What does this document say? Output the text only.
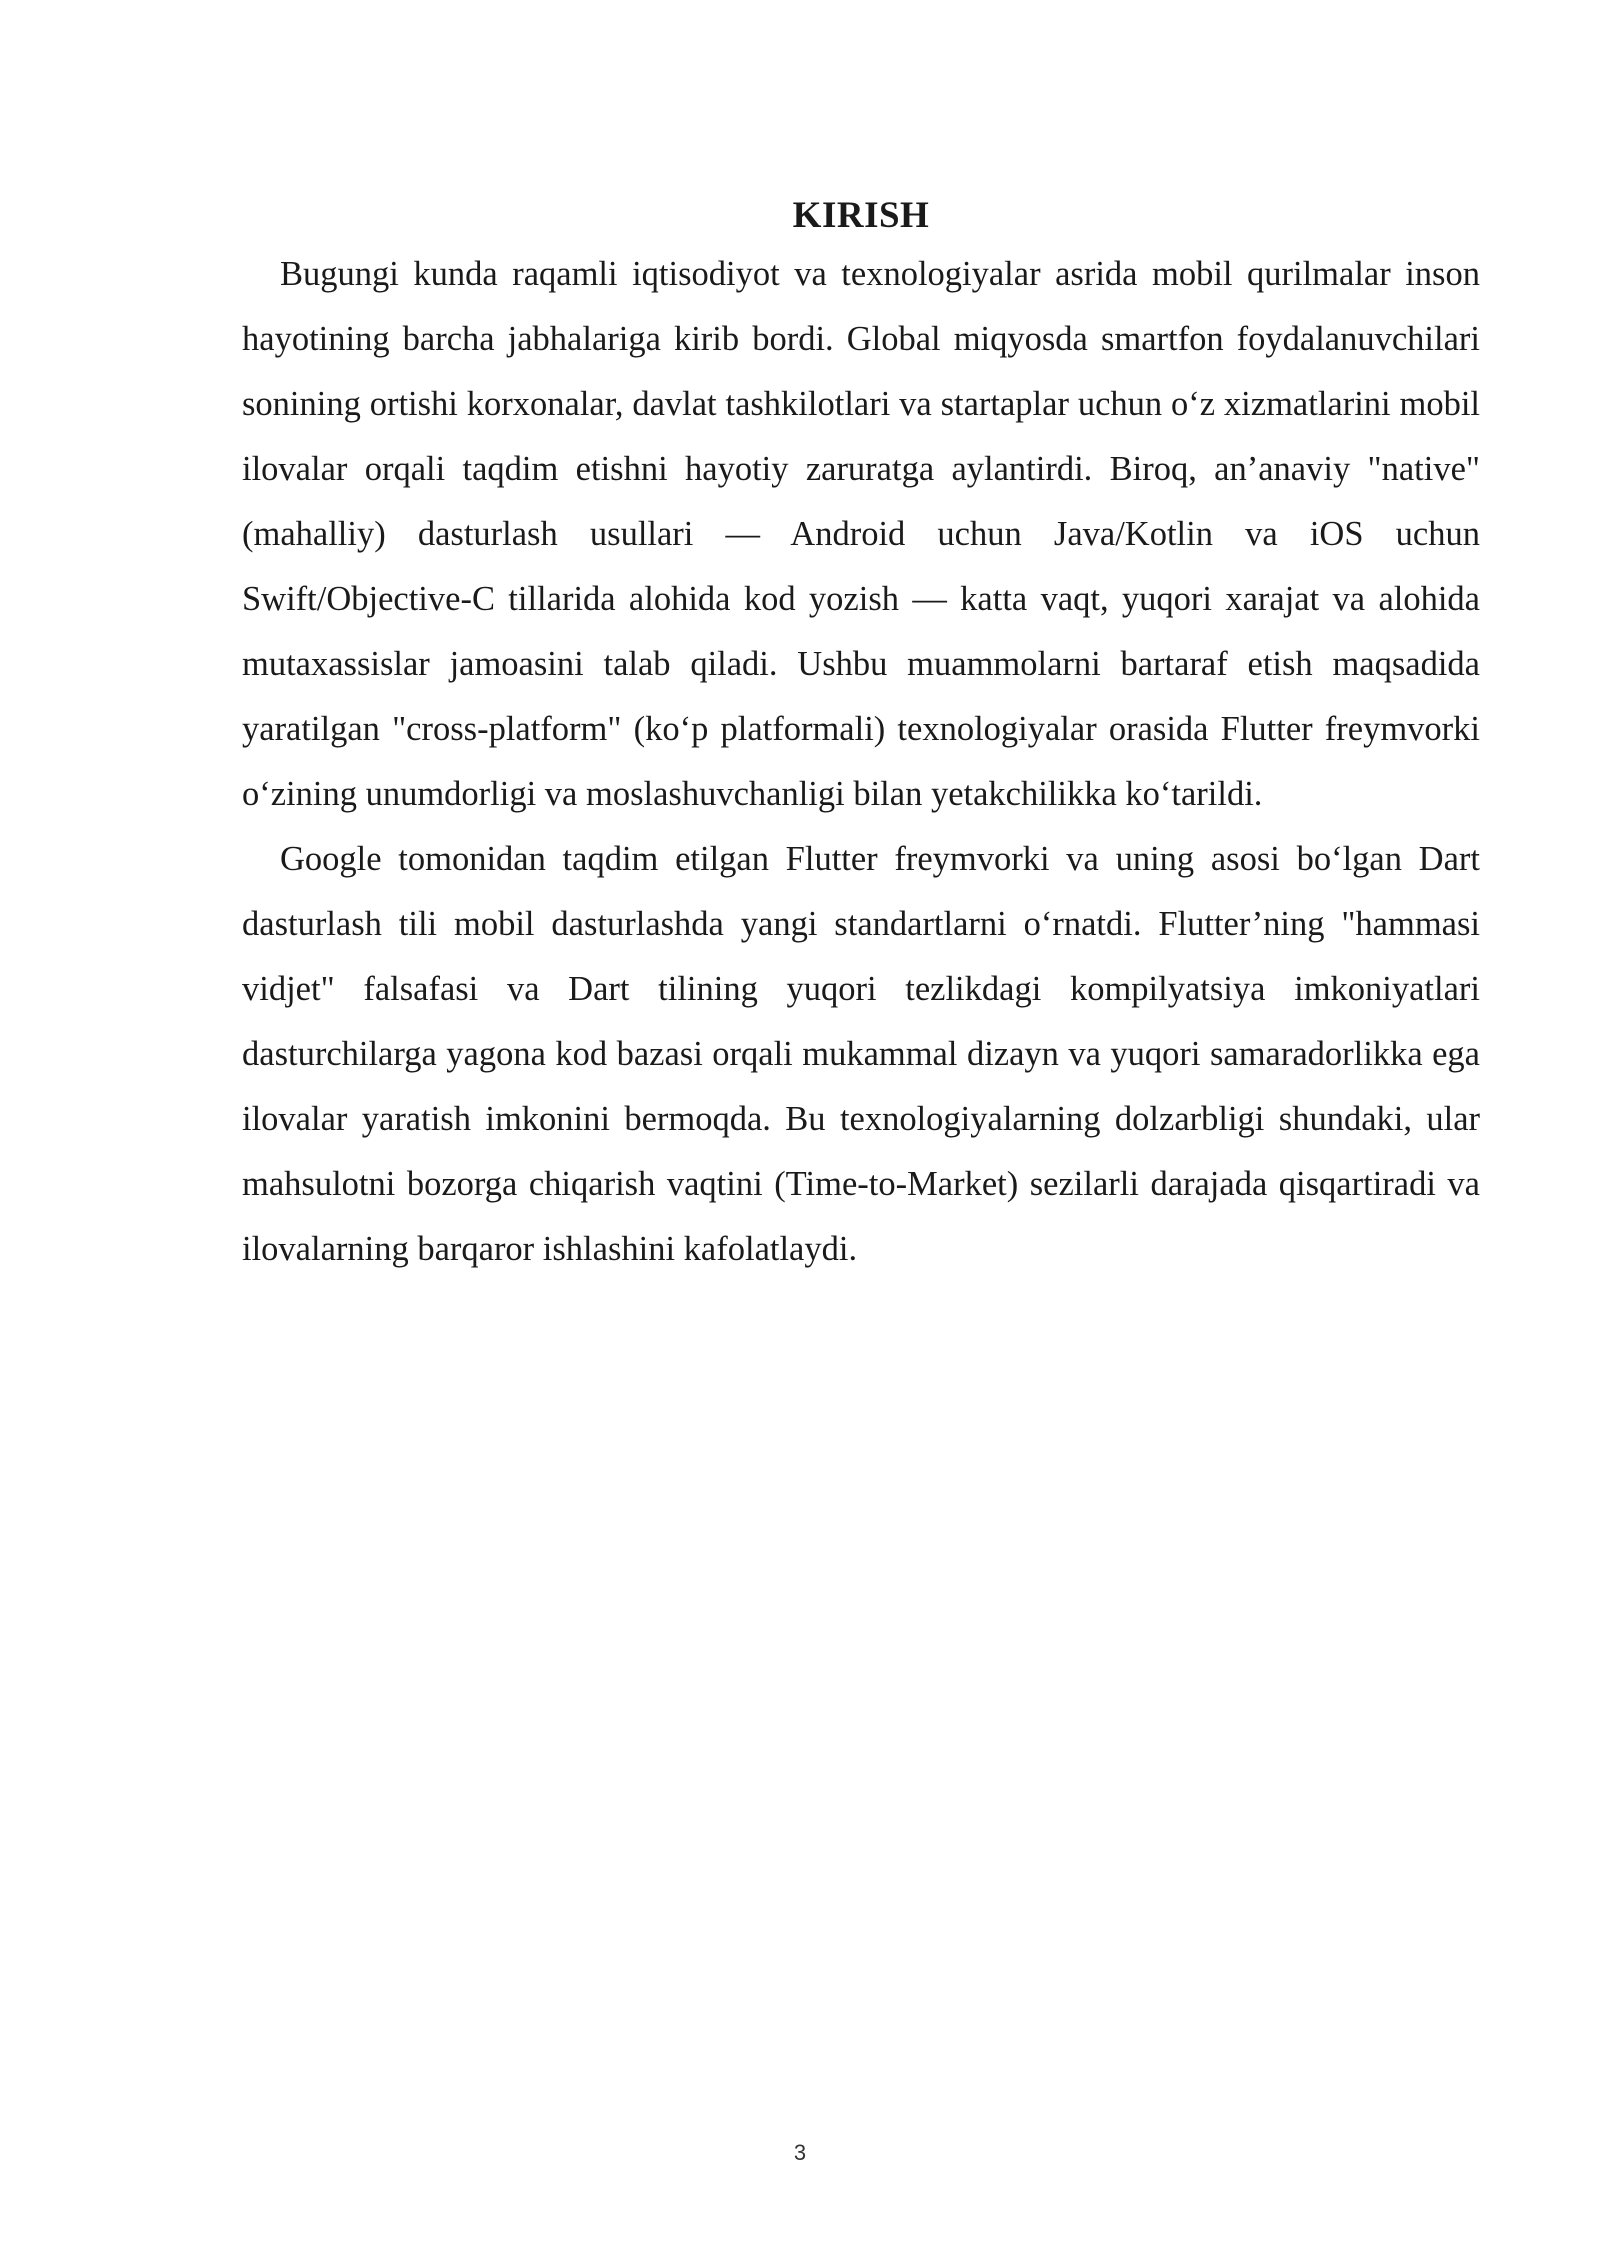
KIRISH

Bugungi kunda raqamli iqtisodiyot va texnologiyalar asrida mobil qurilmalar inson hayotining barcha jabhalariga kirib bordi. Global miqyosda smartfon foydalanuvchilari sonining ortishi korxonalar, davlat tashkilotlari va startaplar uchun oʻz xizmatlarini mobil ilovalar orqali taqdim etishni hayotiy zaruratga aylantirdi. Biroq, an’anaviy "native" (mahalliy) dasturlash usullari — Android uchun Java/Kotlin va iOS uchun Swift/Objective-C tillarida alohida kod yozish — katta vaqt, yuqori xarajat va alohida mutaxassislar jamoasini talab qiladi. Ushbu muammolarni bartaraf etish maqsadida yaratilgan "cross-platform" (koʻp platformali) texnologiyalar orasida Flutter freymvorki oʻzining unumdorligi va moslashuvchanligi bilan yetakchilikka koʻtarildi.

Google tomonidan taqdim etilgan Flutter freymvorki va uning asosi boʻlgan Dart dasturlash tili mobil dasturlashda yangi standartlarni oʻrnatdi. Flutter’ning "hammasi vidjet" falsafasi va Dart tilining yuqori tezlikdagi kompilyatsiya imkoniyatlari dasturchilarga yagona kod bazasi orqali mukammal dizayn va yuqori samaradorlikka ega ilovalar yaratish imkonini bermoqda. Bu texnologiyalarning dolzarbligi shundaki, ular mahsulotni bozorga chiqarish vaqtini (Time-to-Market) sezilarli darajada qisqartiradi va ilovalarning barqaror ishlashini kafolatlaydi.

3
